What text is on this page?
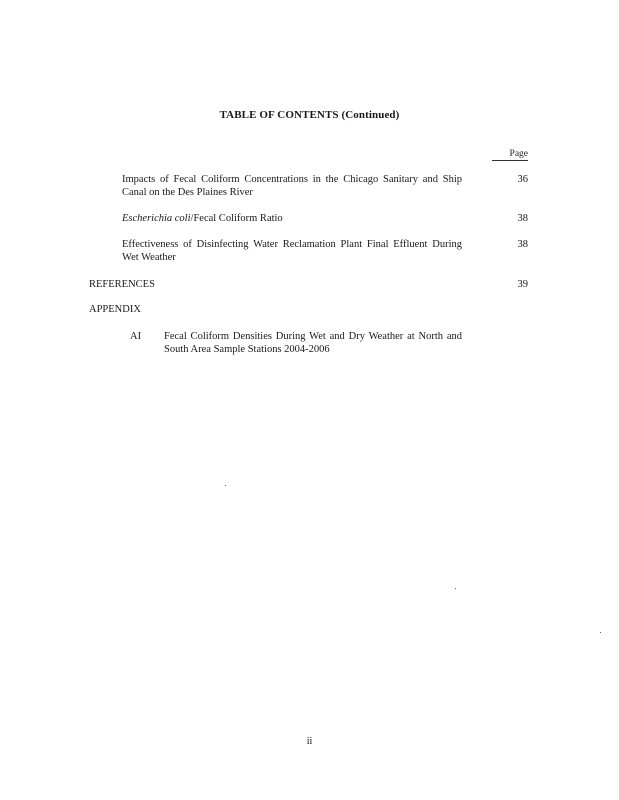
TABLE OF CONTENTS (Continued)
Page
Impacts of Fecal Coliform Concentrations in the Chicago Sanitary and Ship Canal on the Des Plaines River
36
Escherichia coli/Fecal Coliform Ratio	38
Effectiveness of Disinfecting Water Reclamation Plant Final Effluent During Wet Weather
38
REFERENCES	39
APPENDIX
AI Fecal Coliform Densities During Wet and Dry Weather at North and South Area Sample Stations 2004-2006
ii
